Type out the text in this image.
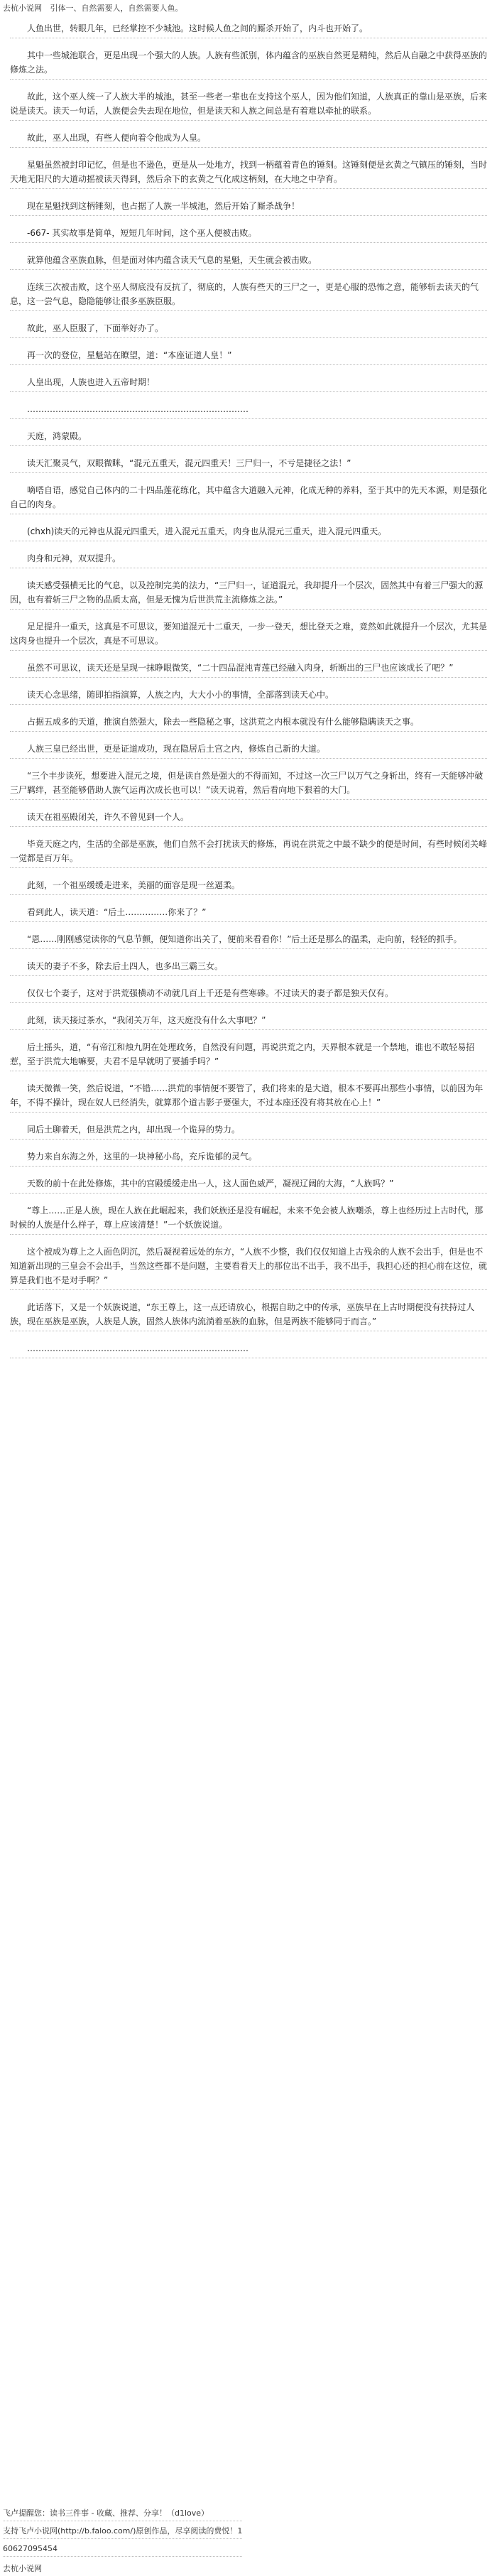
去杭小说网 引体一、自然需要人，自然需要人鱼。
人鱼出世，转眼几年，已经掌控不少城池。这时候人鱼之间的厮杀开始了，内斗也开始了。
其中一些城池联合，更是出现一个强大的人族。人族有些派别，体内蕴含的巫族自然更是精纯，然后从自融之中获得巫族的修炼之法。
故此，这个巫人统一了人族大半的城池，甚至一些老一辈也在支持这个巫人，因为他们知道，人族真正的靠山是巫族，后来说是读天。读天一句话，人族便会失去现在地位，但是读天和人族之间总是有着难以牵扯的联系。
故此，巫人出现，有些人便向着令他成为人皇。
星魁虽然被封印记忆，但是也不逊色，更是从一处地方，找到一柄蕴着青色的锤刻。这锤刻便是玄黄之气镇压的锤刻，当时天地无阳尺的大道动摇被读天得到，然后余下的玄黄之气化成这柄刻，在大地之中孕育。
现在星魁找到这柄锤刻，也占据了人族一半城池，然后开始了厮杀战争！
-667- 其实故事是简单，短短几年时间，这个巫人便被击败。
就算他蕴含巫族血脉，但是面对体内蕴含读天气息的星魁，天生就会被击败。
连续三次被击败，这个巫人彻底没有反抗了，彻底的，人族有些天的三尸之一，更是心服的恐怖之意，能够斩去读天的气息，这一尝气息，隐隐能够让很多巫族臣服。
故此，巫人臣服了，下面举好办了。
再一次的登位，星魁站在瞭望，道：“本座证道人皇！”
人皇出现，人族也进入五帝时期！
……………………………………………………………………
天庭，鸿蒙殿。
读天汇聚灵气，双眼微眯，“混元五重天，混元四重天！三尸归一，不亏是捷径之法！”
嘀嗒自语，感觉自己体内的二十四品莲花练化，其中蕴含大道融入元神，化成无种的养料，至于其中的先天本源，则是强化自己的肉身。
(chxh)读天的元神也从混元四重天，进入混元五重天，肉身也从混元三重天，进入混元四重天。
肉身和元神，双双提升。
读天感受强横无比的气息，以及控制完美的法力，“三尸归一，证道混元，我却提升一个层次，固然其中有着三尸强大的源因，也有着斩三尸之物的品质太高，但是无愧为后世洪荒主流修炼之法。”
足足提升一重天，这真是不可思议，要知道混元十二重天，一步一登天，想比登天之难，竟然如此就提升一个层次，尤其是这肉身也提升一个层次，真是不可思议。
虽然不可思议，读天还是呈现一抹睁眼微笑，“二十四品混沌青莲已经融入肉身，斩断出的三尸也应该成长了吧？”
读天心念思绪，随即拍指演算，人族之内，大大小小的事情，全部落到读天心中。
占据五成多的天道，推演自然强大，除去一些隐秘之事，这洪荒之内根本就没有什么能够隐瞒读天之事。
人族三皇已经出世，更是证道成功，现在隐居后土宫之内，修炼自己新的大道。
“三个丰步读死，想要进入混元之境，但是读自然是强大的不得而知，不过这一次三尸以万气之身斩出，终有一天能够冲破三尸羁绊，甚至能够借助人族气运再次成长也可以！”读天说着，然后看向地下狠着的大门。
读天在祖巫殿闭关，许久不曾见到一个人。
毕竟天庭之内，生活的全部是巫族，他们自然不会打扰读天的修炼，再说在洪荒之中最不缺少的便是时间，有些时候闭关峰一觉都是百万年。
此刻，一个祖巫缓缓走进来，美丽的面容是现一丝逼柔。
看到此人，读天道：“后土……………你来了？”
“恩……刚刚感觉读你的气息节颤，便知道你出关了，便前来看看你！”后土还是那么的温柔，走向前，轻轻的抓手。
读天的妻子不多，除去后土四人，也多出三霸三女。
仅仅七个妻子，这对于洪荒强横动不动就几百上千还是有些寒碜。不过读天的妻子都是独天仅有。
此刻，读天接过茶水，“我闭关万年，这天庭没有什么大事吧？”
后土摇头，道，“有帝江和烛九阴在处理政务，自然没有问题，再说洪荒之内，天界根本就是一个禁地，谁也不敢轻易招惹，至于洪荒大地嘛要，夫君不是早就明了要插手吗？”
读天微微一笑，然后说道，“不错……洪荒的事情便不要管了，我们将来的是大道，根本不要再出那些小事情，以前因为年年，不得不操计，现在奴人已经消失，就算那个道古影子要强大，不过本座还没有将其放在心上！”
同后土聊着天，但是洪荒之内，却出现一个诡异的势力。
势力来自东海之外，这里的一块神秘小岛，充斥诡郁的灵气。
天数的前十在此处修炼，其中的宫殿缓缓走出一人，这人面色威严，凝视辽阔的大海，“人族吗？”
“尊上……正是人族，现在人族在此崛起来，我们妖族还是没有崛起，未来不免会被人族嘲杀，尊上也经历过上古时代，那时候的人族是什么样子，尊上应该清楚！”一个妖族说道。
这个被成为尊上之人面色阴沉，然后凝视着远处的东方，“人族不少整，我们仅仅知道上古残余的人族不会出手，但是也不知道新出现的三皇会不会出手，当然这些都不是问题，主要看看天上的那位出不出手，我不出手，我担心还的担心前在这位，就算是我们也不是对手啊？”
此话落下，又是一个妖族说道，“东王尊上，这一点还请放心，根据自助之中的传承，巫族早在上古时期便没有扶持过人族，现在巫族是巫族，人族是人族，固然人族体内流淌着巫族的血脉，但是两族不能够同于而言。”
……………………………………………………………………
飞卢提醒您：读书三件事 - 收藏、推荐、分享！（d1love）
支持飞卢小说网(http://b.faloo.com/)原创作品，尽享阅读的费悦！1
60627095454
去杭小说网
